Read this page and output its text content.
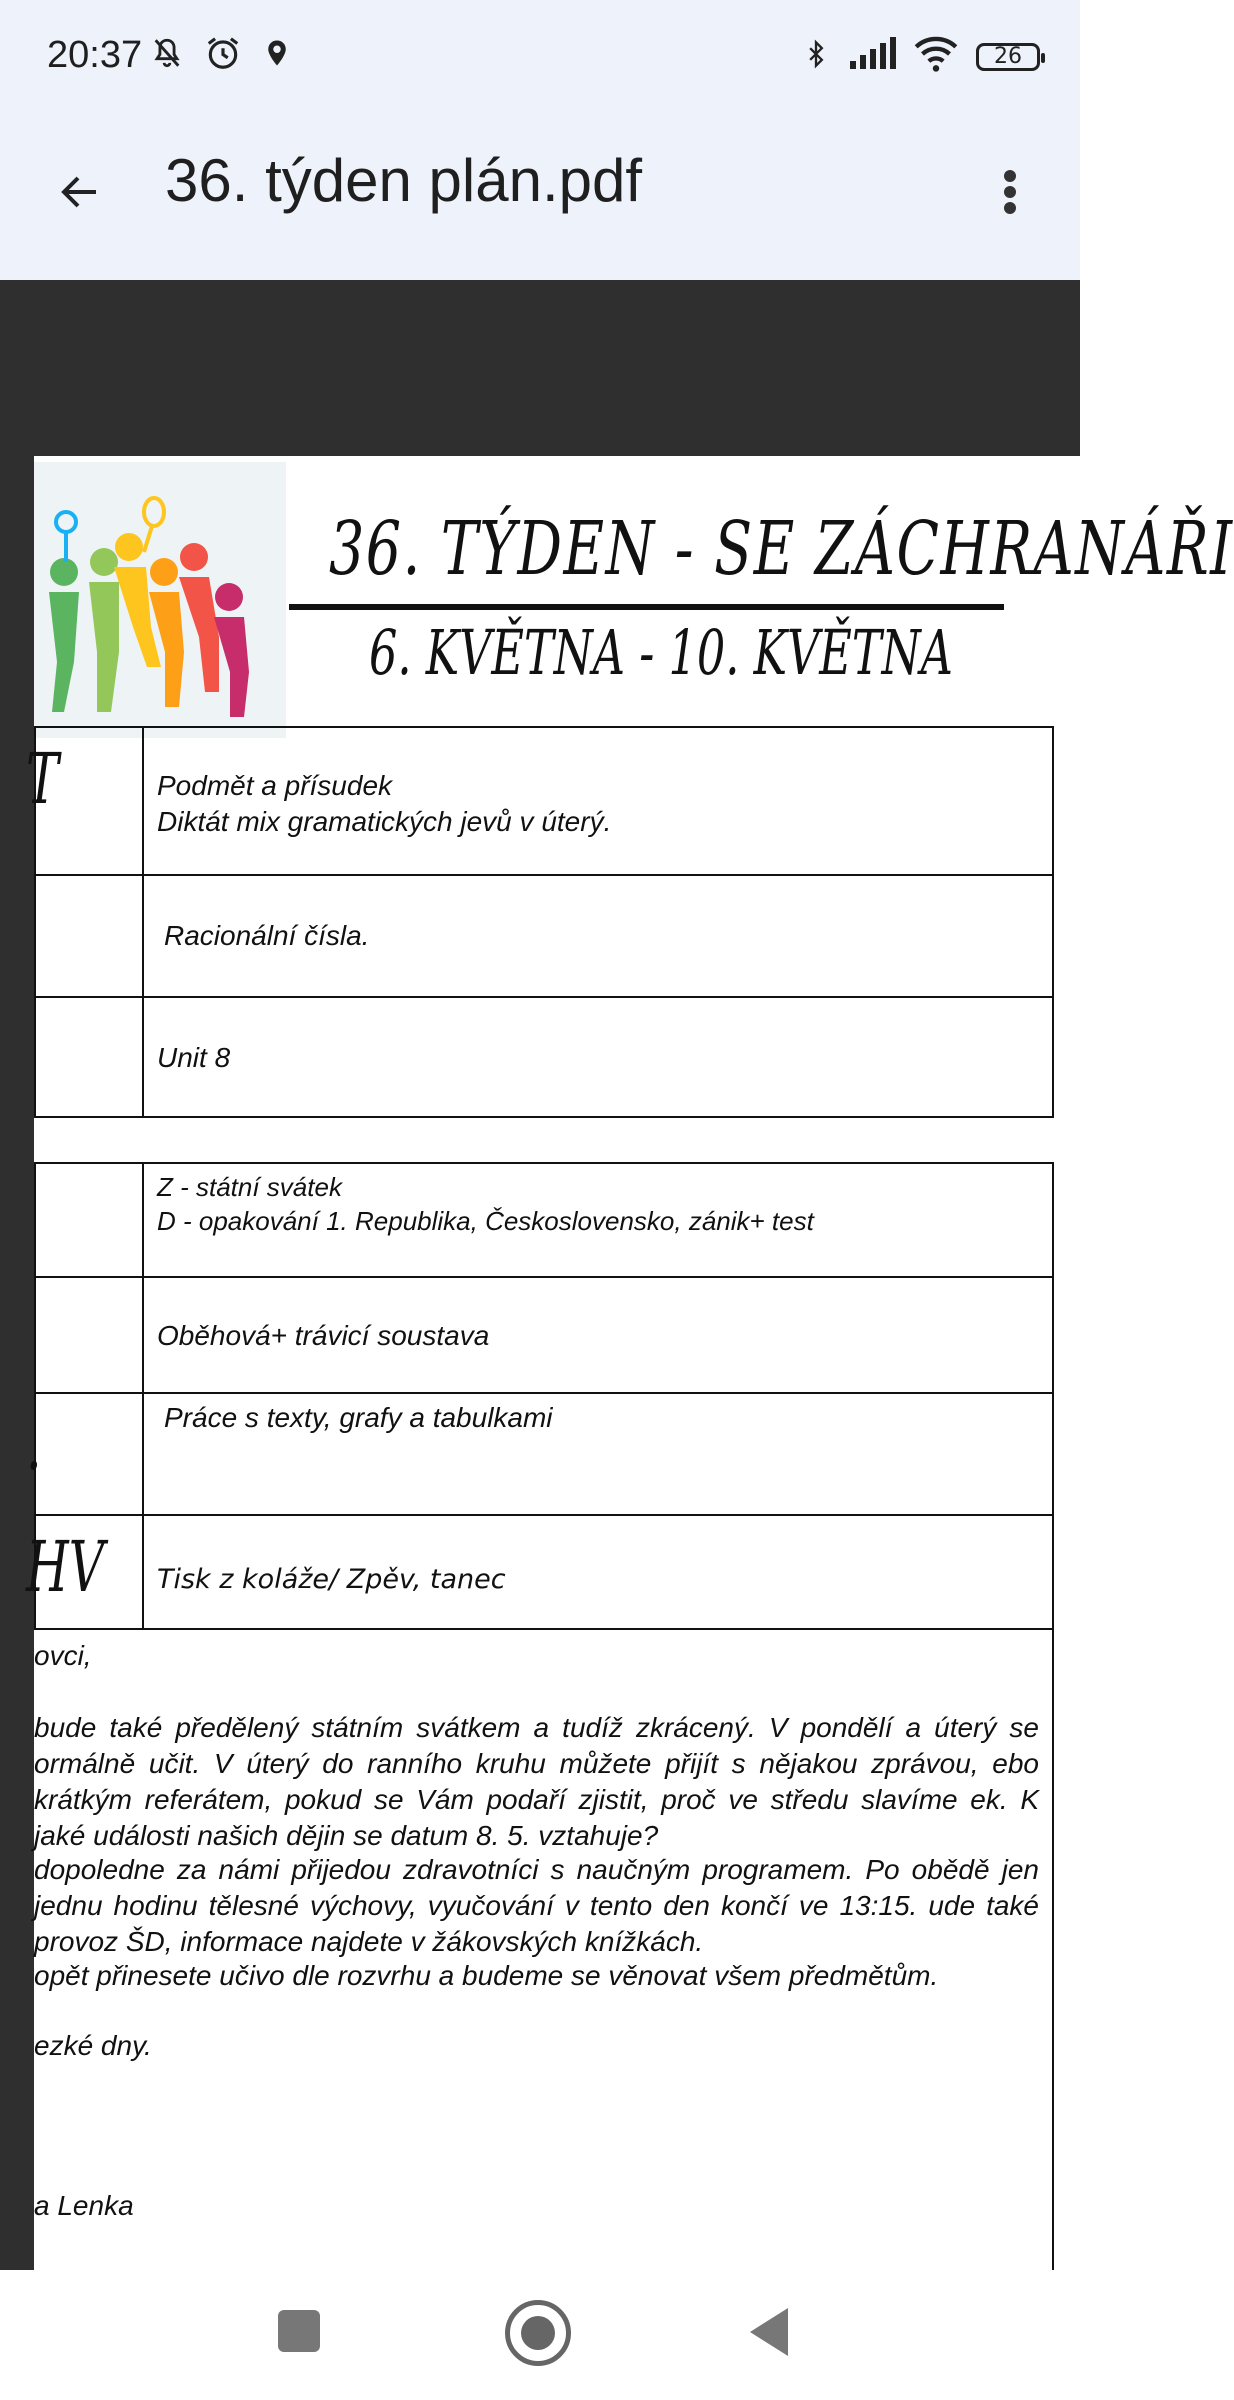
20:37	26
36. týden plán.pdf
36. TÝDEN - SE ZÁCHRANÁŘI
6. KVĚTNA - 10. KVĚTNA
T	Podmět a přísudek
Diktát mix gramatických jevů v úterý.
Racionální čísla.
Unit 8
Z - státní svátek
D - opakování 1. Republika, Československo, zánik+ test
Oběhová+ trávicí soustava
.	Práce s texty, grafy a tabulkami
HV Tisk z koláže/ Zpěv, tanec

ovci,

bude také předělený státním svátkem a tudíž zkrácený. V pondělí a úterý se ormálně učit. V úterý do ranního kruhu můžete přijít s nějakou zprávou, ebo krátkým referátem, pokud se Vám podaří zjistit, proč ve středu slavíme ek. K jaké události našich dějin se datum 8. 5. vztahuje?

dopoledne za námi přijedou zdravotníci s naučným programem. Po obědě jen jednu hodinu tělesné výchovy, vyučování v tento den končí ve 13:15. ude také provoz ŠD, informace najdete v žákovských knížkách.

opět přinesete učivo dle rozvrhu a budeme se věnovat všem předmětům.

ezké dny.

a Lenka
